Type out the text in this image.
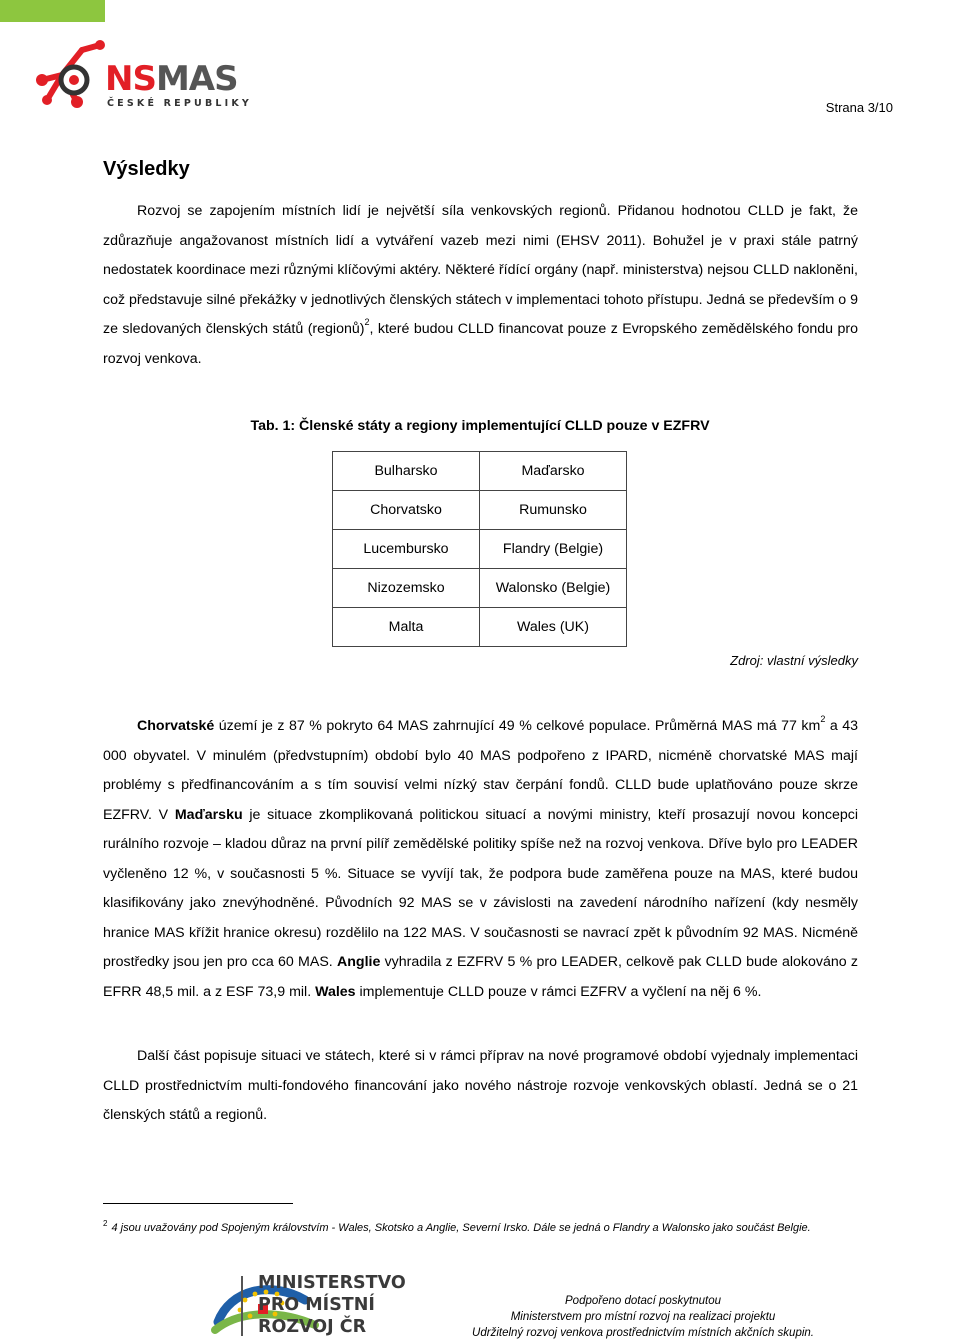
NSMAS
ČESKÉ REPUBLIKY	Strana 3/10
Výsledky
Rozvoj se zapojením místních lidí je největší síla venkovských regionů. Přidanou hodnotou CLLD je fakt, že zdůrazňuje angažovanost místních lidí a vytváření vazeb mezi nimi (EHSV 2011). Bohužel je v praxi stále patrný nedostatek koordinace mezi různými klíčovými aktéry. Některé řídící orgány (např. ministerstva) nejsou CLLD nakloněni, což představuje silné překážky v jednotlivých členských státech v implementaci tohoto přístupu. Jedná se především o 9 ze sledovaných členských států (regionů)$^2$, které budou CLLD financovat pouze z Evropského zemědělského fondu pro rozvoj venkova.
Tab. 1: Členské státy a regiony implementující CLLD pouze v EZFRV
Bulharsko	Maďarsko
Chorvatsko	Rumunsko
Lucembursko	Flandry (Belgie)
Nizozemsko	Walonsko (Belgie)
Malta	Wales (UK)
Zdroj: vlastní výsledky
Chorvatské území je z 87 % pokryto 64 MAS zahrnující 49 % celkové populace. Průměrná MAS má 77 $km^2$ a 43 000 obyvatel. V minulém (předvstupním) období bylo 40 MAS podpořeno z IPARD, nicméně chorvatské MAS mají problémy s předfinancováním a s tím souvisí velmi nízký stav čerpání fondů. CLLD bude uplatňováno pouze skrze EZFRV. V Maďarsku je situace zkomplikovaná politickou situací a novými ministry, kteří prosazují novou koncepci rurálního rozvoje – kladou důraz na první pilíř zemědělské politiky spíše než na rozvoj venkova. Dříve bylo pro LEADER vyčleněno 12 %, v současnosti 5 %. Situace se vyvíjí tak, že podpora bude zaměřena pouze na MAS, které budou klasifikovány jako znevýhodněné. Původních 92 MAS se v závislosti na zavedení národního nařízení (kdy nesměly hranice MAS křížit hranice okresu) rozdělilo na 122 MAS. V současnosti se navrací zpět k původním 92 MAS. Nicméně prostředky jsou jen pro cca 60 MAS. Anglie vyhradila z EZFRV 5 % pro LEADER, celkově pak CLLD bude alokováno z EFRR 48,5 mil. a z ESF 73,9 mil. Wales implementuje CLLD pouze v rámci EZFRV a vyčlení na něj 6 %.
Další část popisuje situaci ve státech, které si v rámci příprav na nové programové období vyjednaly implementaci CLLD prostřednictvím multi-fondového financování jako nového nástroje rozvoje venkovských oblastí. Jedná se o 21 členských států a regionů.
$^2$ 4 jsou uvažovány pod Spojeným královstvím - Wales, Skotsko a Anglie, Severní Irsko. Dále se jedná o Flandry a Walonsko jako součást Belgie.
MINISTERSTVO
PRO MÍSTNÍ
ROZVOJ ČR
Podpořeno dotací poskytnutou
Ministerstvem pro místní rozvoj na realizaci projektu
Udržitelný rozvoj venkova prostřednictvím místních akčních skupin.
